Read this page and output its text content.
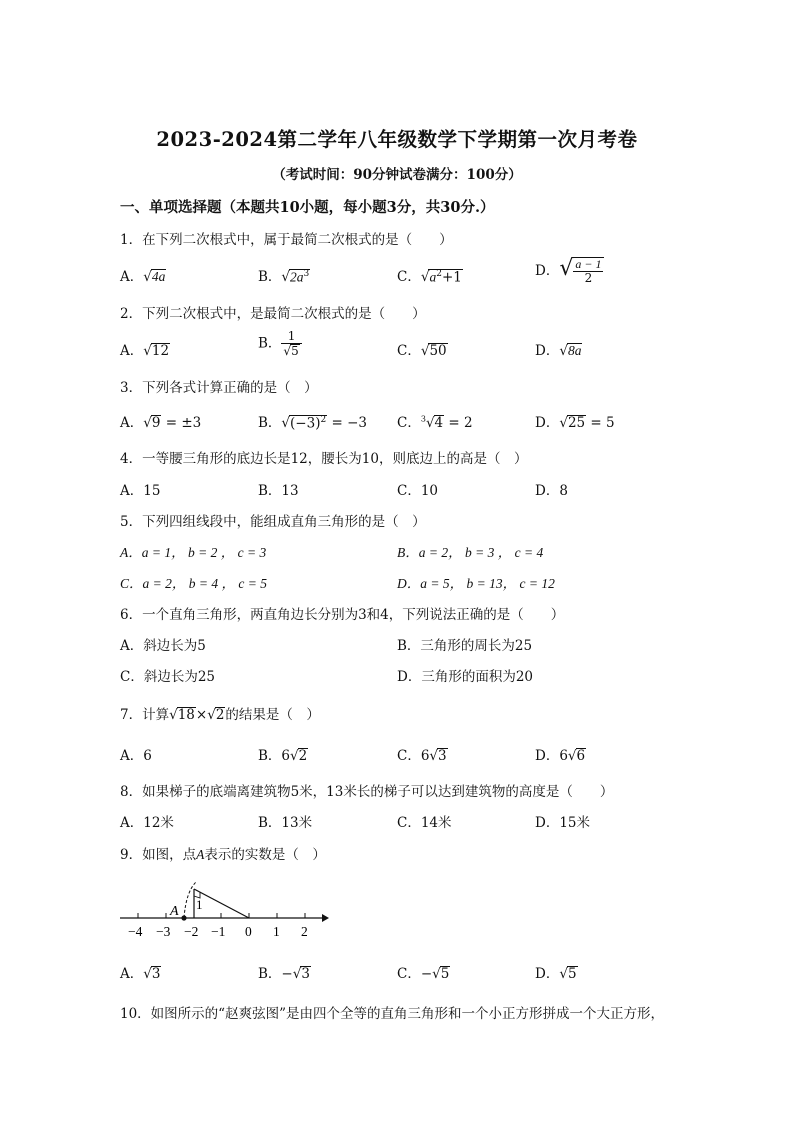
2023-2024第二学年八年级数学下学期第一次月考卷
（考试时间：90分钟试卷满分：100分）
一、单项选择题（本题共10小题，每小题3分，共30分.）
1．在下列二次根式中，属于最简二次根式的是（　　）
A．√4a	B．$√2a^3$	C．$√a^2+1$	D．√ $\frac{a - 1}{2}$
2．下列二次根式中，是最简二次根式的是（　　）
A．√12	B． $\frac{1}{√5}$	C．√50	D．√8a
3．下列各式计算正确的是（　）
A．√9 = ±3	B．$√(-3)^2 = -3$ C．$^3$√4 = 2	D．√25 = 5
4．一等腰三角形的底边长是12，腰长为10，则底边上的高是（　）
A．15	B．13	C．10	D．8
5．下列四组线段中，能组成直角三角形的是（　）
A．a = 1， b = 2 ， c = 3	B．a = 2， b = 3 ， c = 4
C．a = 2， b = 4 ， c = 5	D．a = 5， b = 13， c = 12
6．一个直角三角形，两直角边长分别为3和4，下列说法正确的是（　　）
A．斜边长为5	B．三角形的周长为25
C．斜边长为25	D．三角形的面积为20
7．计算√18×√2的结果是（　）
A．6	B．6√2	C．6√3	D．6√6
8．如果梯子的底端离建筑物5米，13米长的梯子可以达到建筑物的高度是（　　）
A．12米	B．13米	C．14米	D．15米
9．如图，点A表示的实数是（　）
A 1
−4 −3 −2 −1 0 1 2
A．√3	B．−√3	C．−√5	D．√5
10．如图所示的“赵爽弦图”是由四个全等的直角三角形和一个小正方形拼成一个大正方形，
